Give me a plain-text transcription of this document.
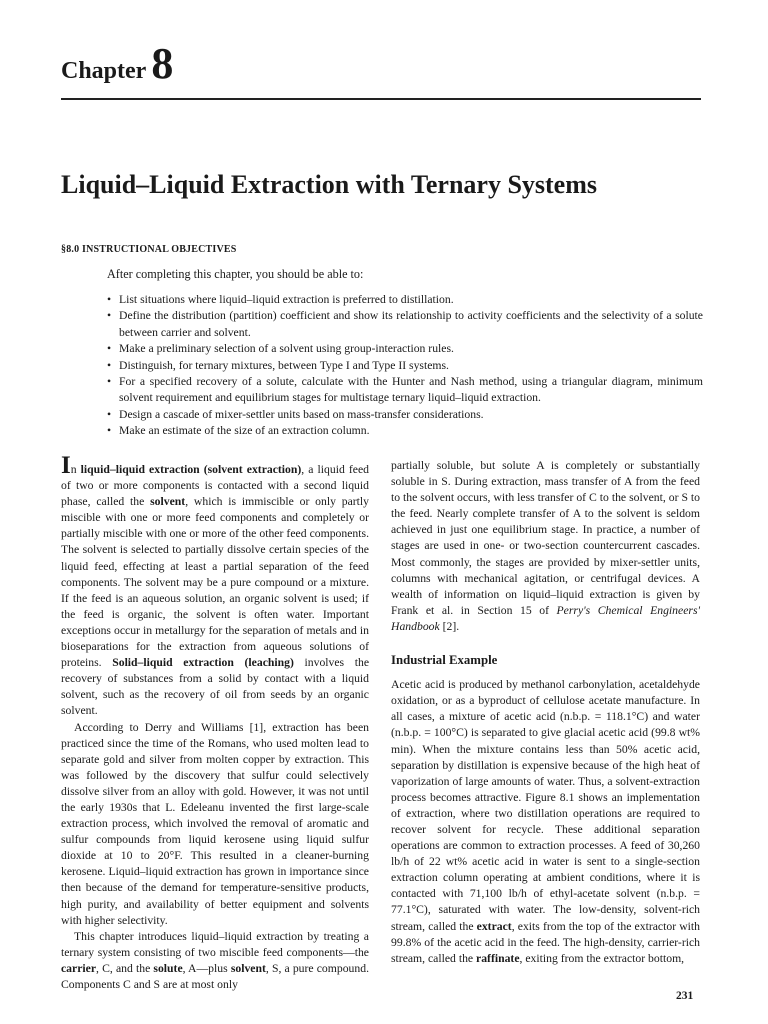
Chapter 8
Liquid–Liquid Extraction with Ternary Systems
§8.0 INSTRUCTIONAL OBJECTIVES
After completing this chapter, you should be able to:
• List situations where liquid–liquid extraction is preferred to distillation.
• Define the distribution (partition) coefficient and show its relationship to activity coefficients and the selectivity of a solute between carrier and solvent.
• Make a preliminary selection of a solvent using group-interaction rules.
• Distinguish, for ternary mixtures, between Type I and Type II systems.
• For a specified recovery of a solute, calculate with the Hunter and Nash method, using a triangular diagram, minimum solvent requirement and equilibrium stages for multistage ternary liquid–liquid extraction.
• Design a cascade of mixer-settler units based on mass-transfer considerations.
• Make an estimate of the size of an extraction column.

In liquid–liquid extraction (solvent extraction), a liquid feed of two or more components is contacted with a second liquid phase, called the solvent, which is immiscible or only partly miscible with one or more feed components and completely or partially miscible with one or more of the other feed components. The solvent is selected to partially dissolve certain species of the liquid feed, effecting at least a partial separation of the feed components. The solvent may be a pure compound or a mixture. If the feed is an aqueous solution, an organic solvent is used; if the feed is organic, the solvent is often water. Important exceptions occur in metallurgy for the separation of metals and in bioseparations for the extraction from aqueous solutions of proteins. Solid–liquid extraction (leaching) involves the recovery of substances from a solid by contact with a liquid solvent, such as the recovery of oil from seeds by an organic solvent.

According to Derry and Williams [1], extraction has been practiced since the time of the Romans, who used molten lead to separate gold and silver from molten copper by extraction. This was followed by the discovery that sulfur could selectively dissolve silver from an alloy with gold. However, it was not until the early 1930s that L. Edeleanu invented the first large-scale extraction process, which involved the removal of aromatic and sulfur compounds from liquid kerosene using liquid sulfur dioxide at 10 to 20°F. This resulted in a cleaner-burning kerosene. Liquid–liquid extraction has grown in importance since then because of the demand for temperature-sensitive products, high purity, and availability of better equipment and solvents with higher selectivity.

This chapter introduces liquid–liquid extraction by treating a ternary system consisting of two miscible feed components—the carrier, C, and the solute, A—plus solvent, S, a pure compound. Components C and S are at most only

partially soluble, but solute A is completely or substantially soluble in S. During extraction, mass transfer of A from the feed to the solvent occurs, with less transfer of C to the solvent, or S to the feed. Nearly complete transfer of A to the solvent is seldom achieved in just one equilibrium stage. In practice, a number of stages are used in one- or two-section countercurrent cascades. Most commonly, the stages are provided by mixer-settler units, columns with mechanical agitation, or centrifugal devices. A wealth of information on liquid–liquid extraction is given by Frank et al. in Section 15 of Perry's Chemical Engineers' Handbook [2].

Industrial Example

Acetic acid is produced by methanol carbonylation, acetaldehyde oxidation, or as a byproduct of cellulose acetate manufacture. In all cases, a mixture of acetic acid (n.b.p. = 118.1°C) and water (n.b.p. = 100°C) is separated to give glacial acetic acid (99.8 wt% min). When the mixture contains less than 50% acetic acid, separation by distillation is expensive because of the high heat of vaporization of large amounts of water. Thus, a solvent-extraction process becomes attractive. Figure 8.1 shows an implementation of extraction, where two distillation operations are required to recover solvent for recycle. These additional separation operations are common to extraction processes. A feed of 30,260 lb/h of 22 wt% acetic acid in water is sent to a single-section extraction column operating at ambient conditions, where it is contacted with 71,100 lb/h of ethyl-acetate solvent (n.b.p. = 77.1°C), saturated with water. The low-density, solvent-rich stream, called the extract, exits from the top of the extractor with 99.8% of the acetic acid in the feed. The high-density, carrier-rich stream, called the raffinate, exiting from the extractor bottom,

231
